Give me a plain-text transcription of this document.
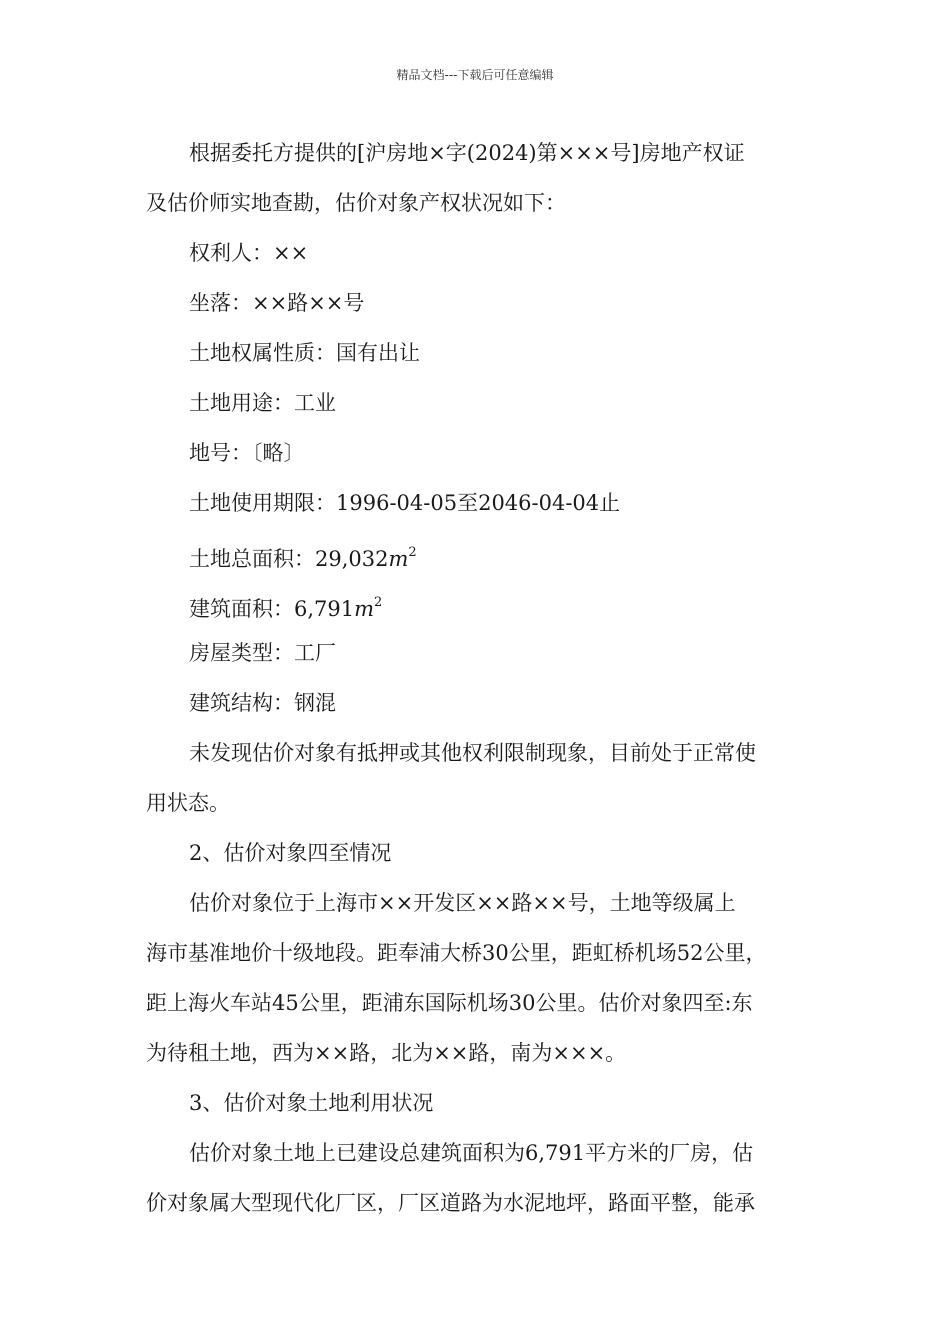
精品文档---下载后可任意编辑

根据委托方提供的[沪房地×字(2024)第×××号]房地产权证

及估价师实地查勘，估价对象产权状况如下：

权利人：××

坐落：××路××号

土地权属性质：国有出让

土地用途：工业

地号：〔略〕

土地使用期限：1996-04-05至2046-04-04止

土地总面积：$29,032m^2$

建筑面积：$6,791m^2$

房屋类型：工厂

建筑结构：钢混

未发现估价对象有抵押或其他权利限制现象，目前处于正常使

用状态。

2、估价对象四至情况

估价对象位于上海市××开发区××路××号，土地等级属上

海市基准地价十级地段。距奉浦大桥30公里，距虹桥机场52公里，

距上海火车站45公里，距浦东国际机场30公里。估价对象四至:东

为待租土地，西为××路，北为××路，南为×××。

3、估价对象土地利用状况

估价对象土地上已建设总建筑面积为6,791平方米的厂房，估

价对象属大型现代化厂区，厂区道路为水泥地坪，路面平整，能承
